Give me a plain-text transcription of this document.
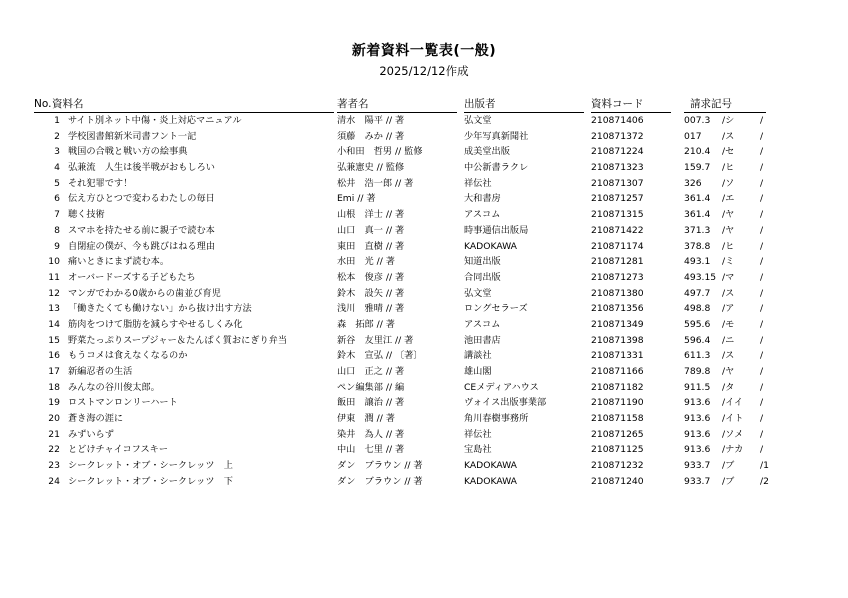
新着資料一覧表(一般)
2025/12/12作成
No. 資料名	著者名	出版者	資料コード	請求記号
1 サイト別ネット中傷・炎上対応マニュアル	清水　陽平 // 著	弘文堂	210871406	007.3	/シ	/
2 学校図書館新米司書フント一記	須藤　みか // 著	少年写真新聞社	210871372	017	/ス	/
3 戦国の合戦と戦い方の絵事典	小和田　哲男 // 監修	成美堂出版	210871224	210.4	/セ	/
4 弘兼流　人生は後半戦がおもしろい	弘兼憲史 // 監修	中公新書ラクレ	210871323	159.7	/ヒ	/
5 それ犯罪です！	松井　浩一郎 // 著	祥伝社	210871307	326	/ソ	/
6 伝え方ひとつで変わるわたしの毎日	Emi // 著	大和書房	210871257	361.4	/エ	/
7 聴く技術	山根　洋士 // 著	アスコム	210871315	361.4	/ヤ	/
8 スマホを持たせる前に親子で読む本	山口　真一 // 著	時事通信出版局	210871422	371.3	/ヤ	/
9 自閉症の僕が、今も跳びはねる理由	東田　直樹 // 著	KADOKAWA	210871174	378.8	/ヒ	/
10 痛いときにまず読む本。	水田　光 // 著	知道出版	210871281	493.1	/ミ	/
11 オーバードーズする子どもたち	松本　俊彦 // 著	合同出版	210871273	493.15 /マ	/
12 マンガでわかる0歳からの歯並び育児	鈴木　設矢 // 著	弘文堂	210871380	497.7	/ス	/
13 「働きたくても働けない」から抜け出す方法	浅川　雅晴 // 著	ロングセラーズ	210871356	498.8	/ア	/
14 筋肉をつけて脂肪を減らすやせるしくみ化	森　拓郎 // 著	アスコム	210871349	595.6	/モ	/
15 野菜たっぷりスープジャー＆たんぱく質おにぎり弁当	新谷　友里江 // 著	池田書店	210871398	596.4	/ニ	/
16 もうコメは食えなくなるのか	鈴木　宣弘 // 〔著〕	講談社	210871331	611.3	/ス	/
17 新編忍者の生活	山口　正之 // 著	雄山閣	210871166	789.8	/ヤ	/
18 みんなの谷川俊太郎。	ペン編集部 // 編	CEメディアハウス	210871182	911.5	/タ	/
19 ロストマンロンリーハート	飯田　譲治 // 著	ヴォイス出版事業部	210871190	913.6	/イイ	/
20 蒼き海の涯に	伊東　潤 // 著	角川春樹事務所	210871158	913.6	/イト	/
21 みずいらず	染井　為人 // 著	祥伝社	210871265	913.6	/ソメ	/
22 とどけチャイコフスキー	中山　七里 // 著	宝島社	210871125	913.6	/ナカ	/
23 シークレット・オブ・シークレッツ　上	ダン　ブラウン // 著	KADOKAWA	210871232	933.7	/ブ	/1
24 シークレット・オブ・シークレッツ　下	ダン　ブラウン // 著	KADOKAWA	210871240	933.7	/ブ	/2
